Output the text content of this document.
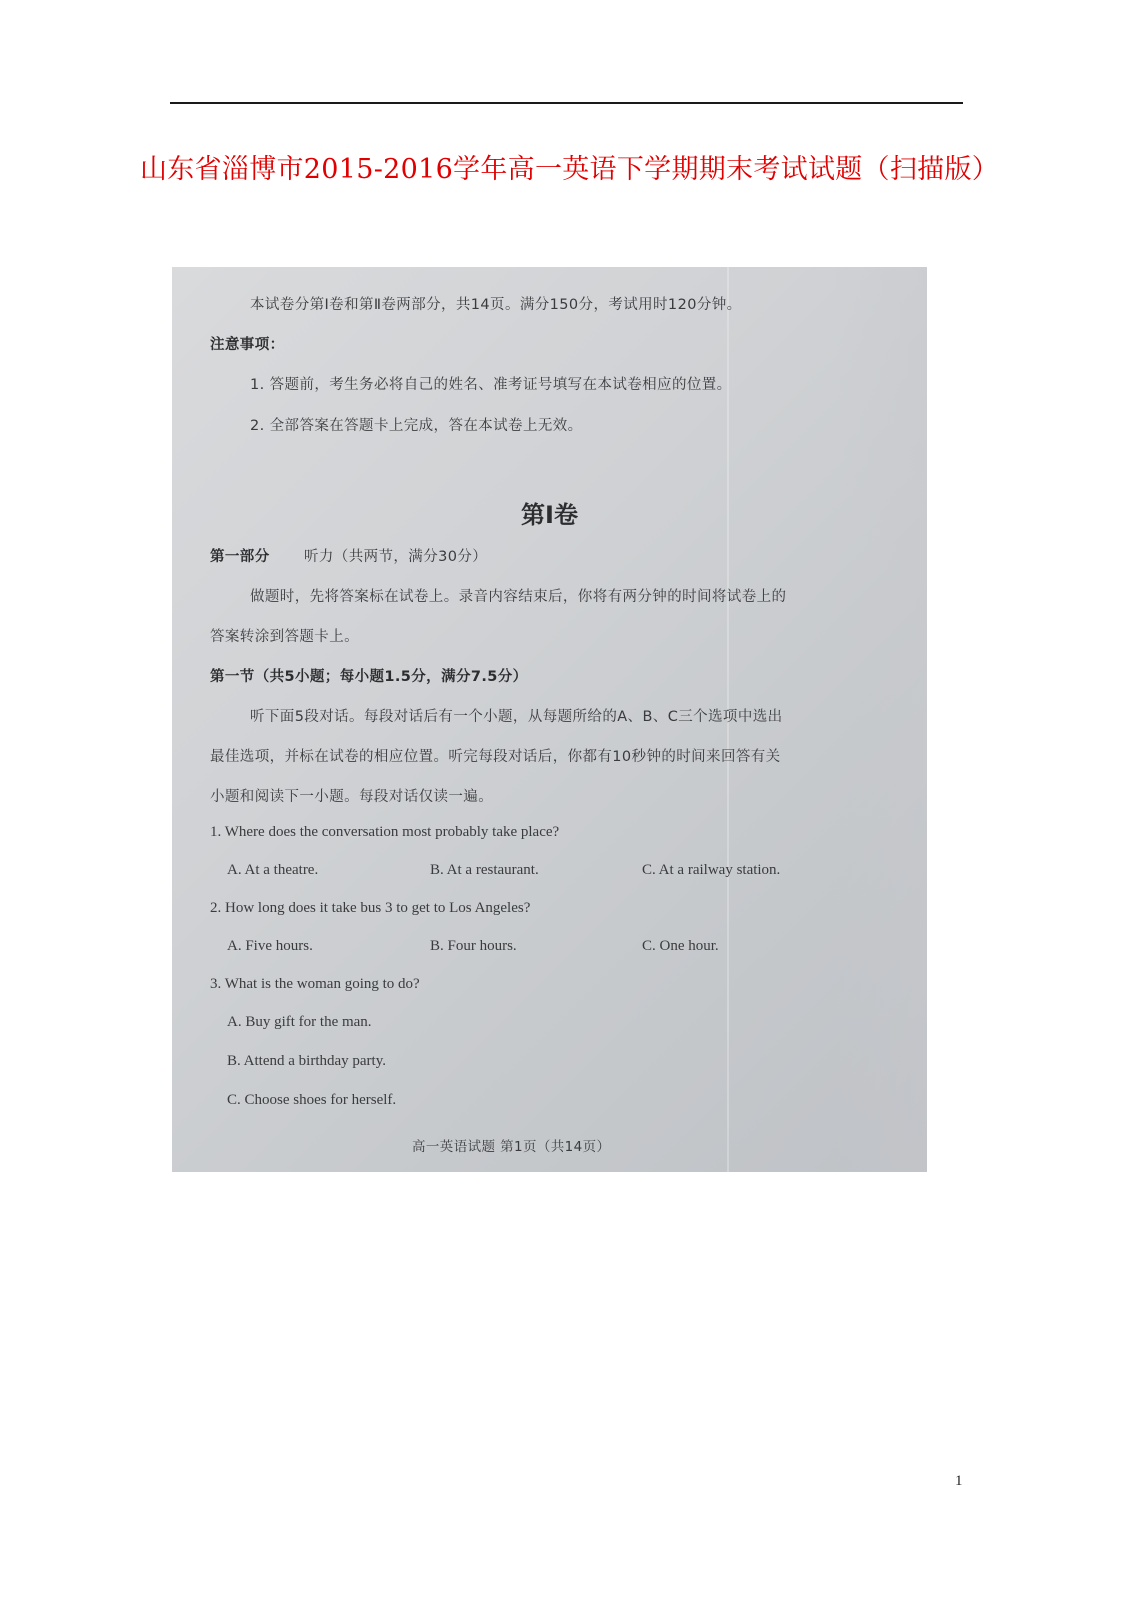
山东省淄博市2015-2016学年高一英语下学期期末考试试题（扫描版）
本试卷分第Ⅰ卷和第Ⅱ卷两部分，共14页。满分150分，考试用时120分钟。
注意事项：
1. 答题前，考生务必将自己的姓名、准考证号填写在本试卷相应的位置。
2. 全部答案在答题卡上完成，答在本试卷上无效。
第Ⅰ卷
第一部分 听力（共两节，满分30分）
做题时，先将答案标在试卷上。录音内容结束后，你将有两分钟的时间将试卷上的
答案转涂到答题卡上。
第一节（共5小题；每小题1.5分，满分7.5分）
听下面5段对话。每段对话后有一个小题，从每题所给的A、B、C三个选项中选出
最佳选项，并标在试卷的相应位置。听完每段对话后，你都有10秒钟的时间来回答有关
小题和阅读下一小题。每段对话仅读一遍。
1. Where does the conversation most probably take place?
A. At a theatre.	B. At a restaurant.	C. At a railway station.
2. How long does it take bus 3 to get to Los Angeles?
A. Five hours.	B. Four hours.	C. One hour.
3. What is the woman going to do?
A. Buy gift for the man.
B. Attend a birthday party.
C. Choose shoes for herself.
高一英语试题 第1页（共14页）
1
